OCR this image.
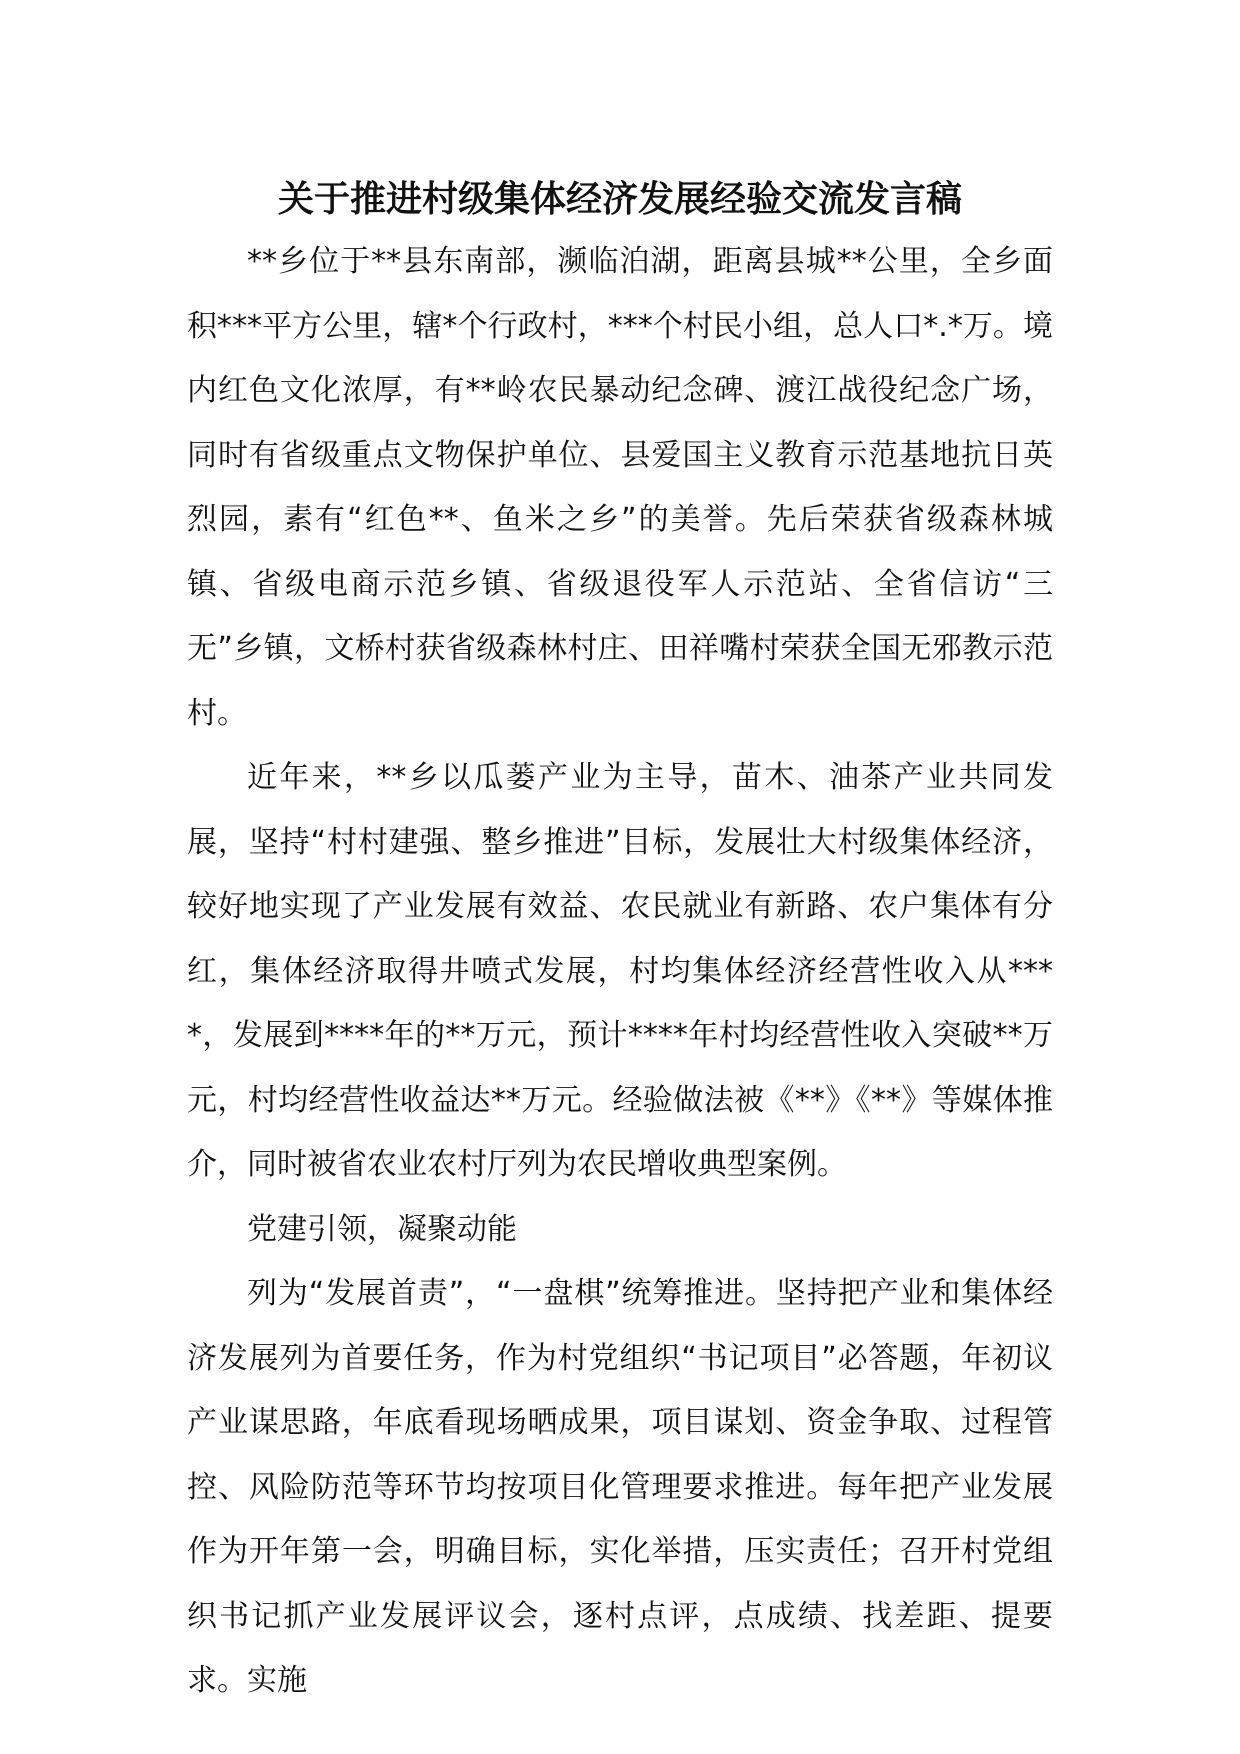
关于推进村级集体经济发展经验交流发言稿

**乡位于**县东南部，濒临泊湖，距离县城**公里，全乡面积***平方公里，辖*个行政村，***个村民小组，总人口*.*万。境内红色文化浓厚，有**岭农民暴动纪念碑、渡江战役纪念广场，同时有省级重点文物保护单位、县爱国主义教育示范基地抗日英烈园，素有“红色**、鱼米之乡”的美誉。先后荣获省级森林城镇、省级电商示范乡镇、省级退役军人示范站、全省信访“三无”乡镇，文桥村获省级森林村庄、田祥嘴村荣获全国无邪教示范村。

近年来，**乡以瓜蒌产业为主导，苗木、油茶产业共同发展，坚持“村村建强、整乡推进”目标，发展壮大村级集体经济，较好地实现了产业发展有效益、农民就业有新路、农户集体有分红，集体经济取得井喷式发展，村均集体经济经营性收入从****，发展到****年的**万元，预计****年村均经营性收入突破**万元，村均经营性收益达**万元。经验做法被《**》《**》等媒体推介，同时被省农业农村厅列为农民增收典型案例。

党建引领，凝聚动能

列为“发展首责”，“一盘棋”统筹推进。坚持把产业和集体经济发展列为首要任务，作为村党组织“书记项目”必答题，年初议产业谋思路，年底看现场晒成果，项目谋划、资金争取、过程管控、风险防范等环节均按项目化管理要求推进。每年把产业发展作为开年第一会，明确目标，实化举措，压实责任；召开村党组织书记抓产业发展评议会，逐村点评，点成绩、找差距、提要求。实施
